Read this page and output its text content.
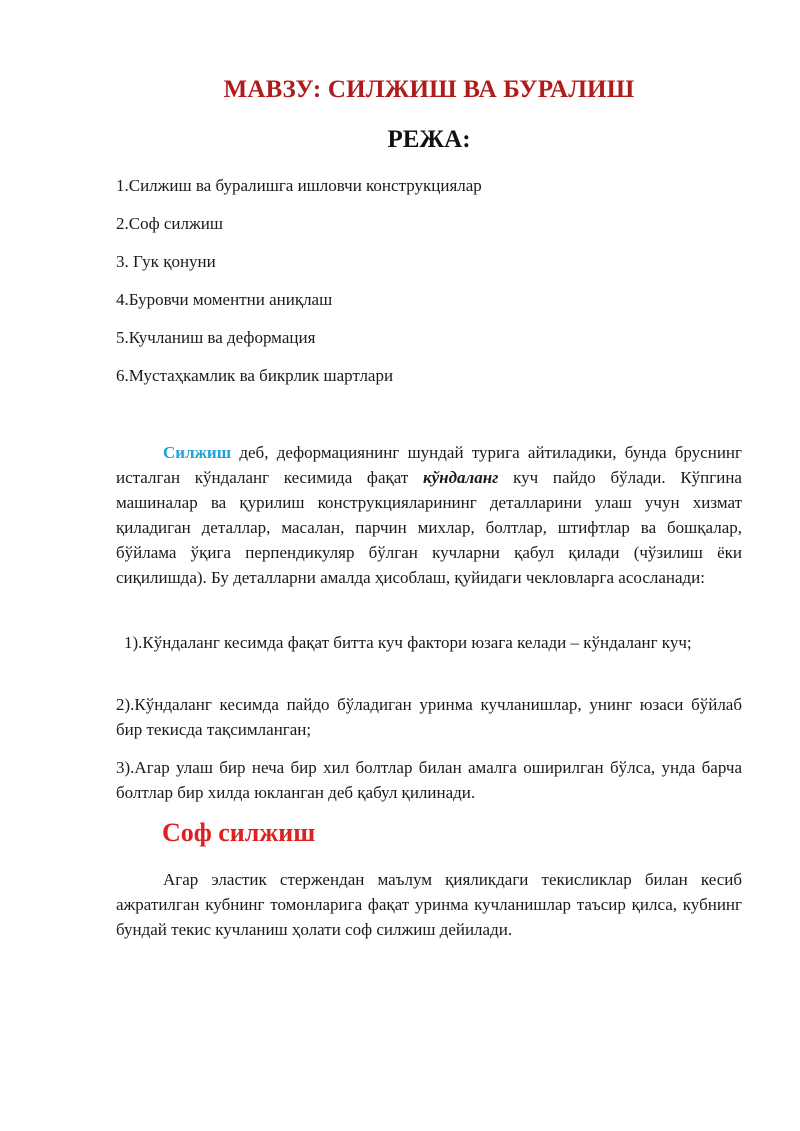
МАВЗУ: СИЛЖИШ ВА БУРАЛИШ
РЕЖА:
1.Силжиш ва буралишга ишловчи конструкциялар
2.Соф силжиш
3. Гук қонуни
4.Буровчи моментни аниқлаш
5.Кучланиш ва деформация
6.Мустаҳкамлик ва бикрлик шартлари

Силжиш деб, деформациянинг шундай турига айтиладики, бунда бруснинг исталган кўндаланг кесимида фақат кўндаланг куч пайдо бўлади. Кўпгина машиналар ва қурилиш конструкцияларининг деталларини улаш учун хизмат қиладиган деталлар, масалан, парчин михлар, болтлар, штифтлар ва бошқалар, бўйлама ўқига перпендикуляр бўлган кучларни қабул қилади (чўзилиш ёки сиқилишда). Бу деталларни амалда ҳисоблаш, қуйидаги чекловларга асосланади:

1).Кўндаланг кесимда фақат битта куч фактори юзага келади – кўндаланг куч;

2).Кўндаланг кесимда пайдо бўладиган уринма кучланишлар, унинг юзаси бўйлаб бир текисда тақсимланган;

3).Агар улаш бир неча бир хил болтлар билан амалга оширилган бўлса, унда барча болтлар бир хилда юкланган деб қабул қилинади.

Соф силжиш

Агар эластик стержендан маълум қияликдаги текисликлар билан кесиб ажратилган кубнинг томонларига фақат уринма кучланишлар таъсир қилса, кубнинг бундай текис кучланиш ҳолати соф силжиш дейилади.
